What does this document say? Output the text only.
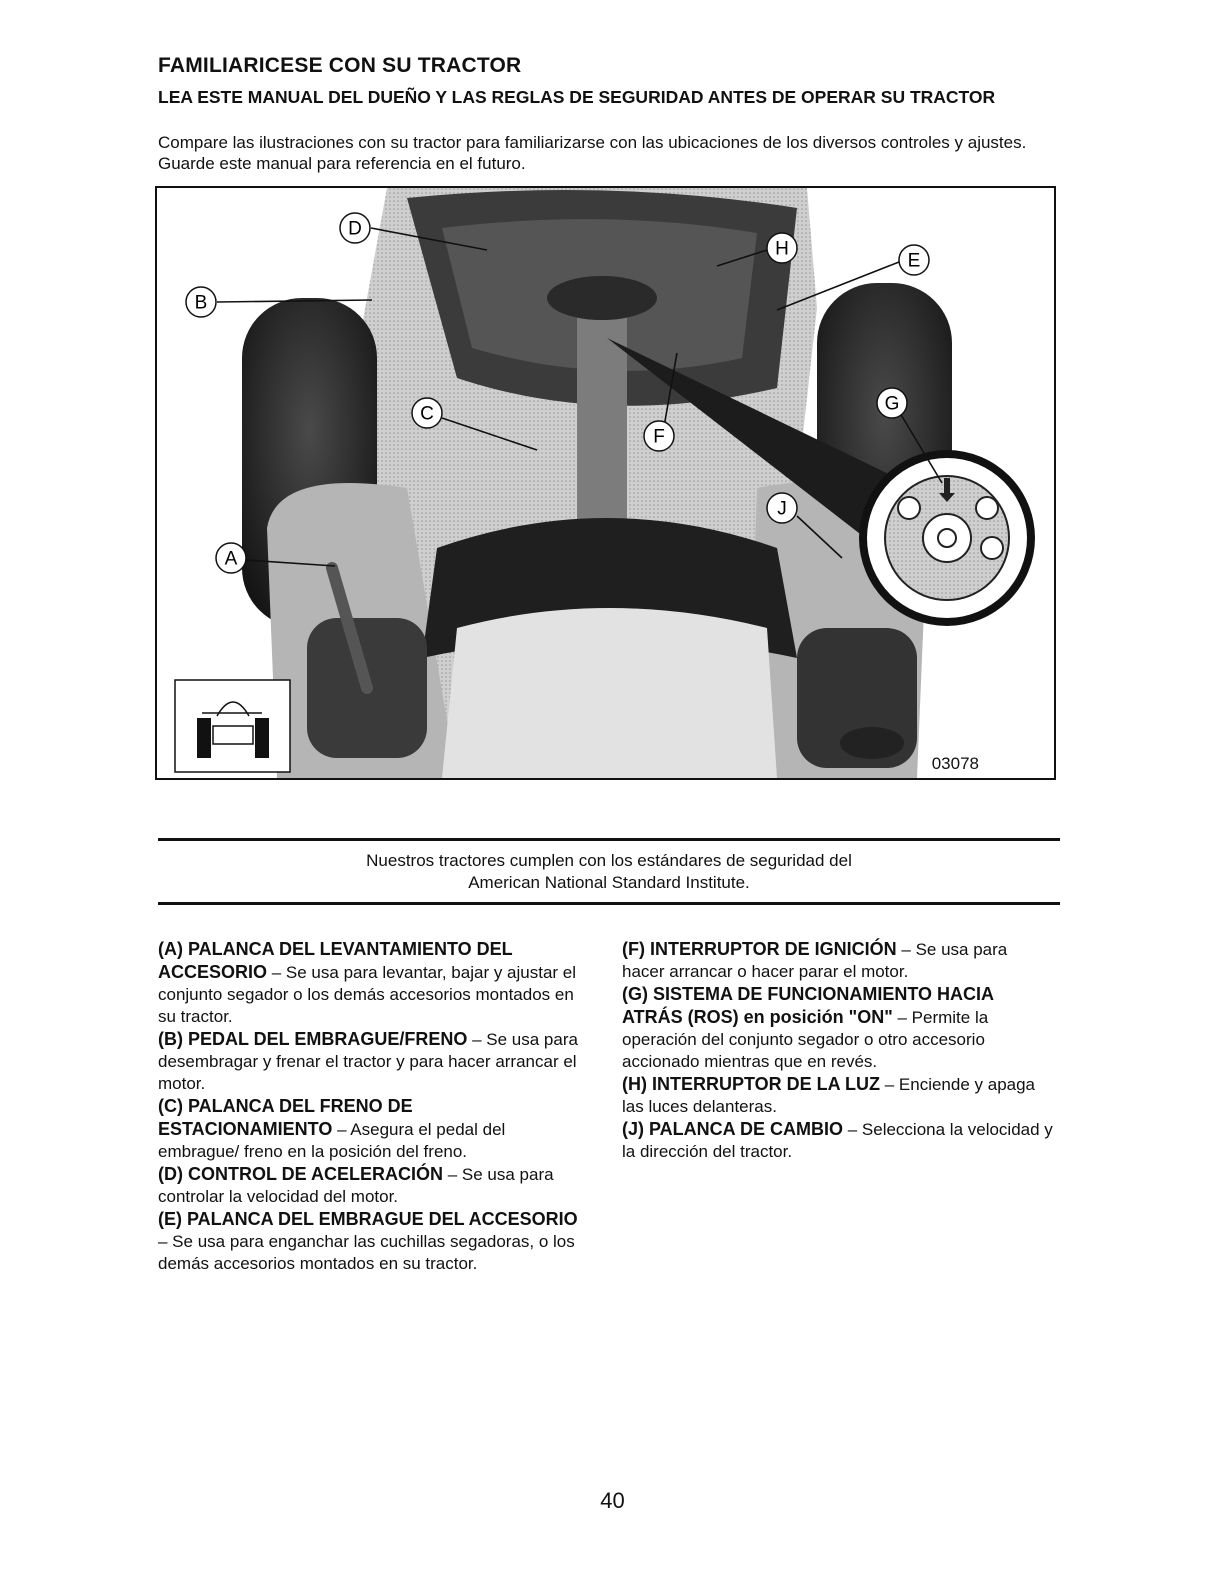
FAMILIARICESE CON SU TRACTOR
LEA ESTE MANUAL DEL DUEÑO Y LAS REGLAS DE SEGURIDAD ANTES DE OPERAR SU TRACTOR
Compare las ilustraciones con su tractor para familiarizarse con las ubicaciones de los diversos controles y ajustes. Guarde este manual para referencia en el futuro.
D
H
E
B
C	G
F
J
A
03078
Nuestros tractores cumplen con los estándares de seguridad del
American National Standard Institute.

(A) PALANCA DEL LEVANTAMIENTO DEL ACCESORIO – Se usa para levantar, bajar y ajustar el conjunto segador o los demás accesorios montados en su tractor.

(B) PEDAL DEL EMBRAGUE/FRENO – Se usa para desembragar y frenar el tractor y para hacer arrancar el motor.

(C) PALANCA DEL FRENO DE ESTACIONAMIENTO – Asegura el pedal del embrague/ freno en la posición del freno.

(D) CONTROL DE ACELERACIÓN – Se usa para controlar la velocidad del motor.

(E) PALANCA DEL EMBRAGUE DEL ACCESORIO – Se usa para enganchar las cuchillas segadoras, o los demás accesorios montados en su tractor.

(F) INTERRUPTOR DE IGNICIÓN – Se usa para hacer arrancar o hacer parar el motor.

(G) SISTEMA DE FUNCIONAMIENTO HACIA ATRÁS (ROS) en posición "ON" – Permite la operación del conjunto segador o otro accesorio accionado mientras que en revés.

(H) INTERRUPTOR DE LA LUZ – Enciende y apaga las luces delanteras.

(J) PALANCA DE CAMBIO – Selecciona la velocidad y la dirección del tractor.

40
